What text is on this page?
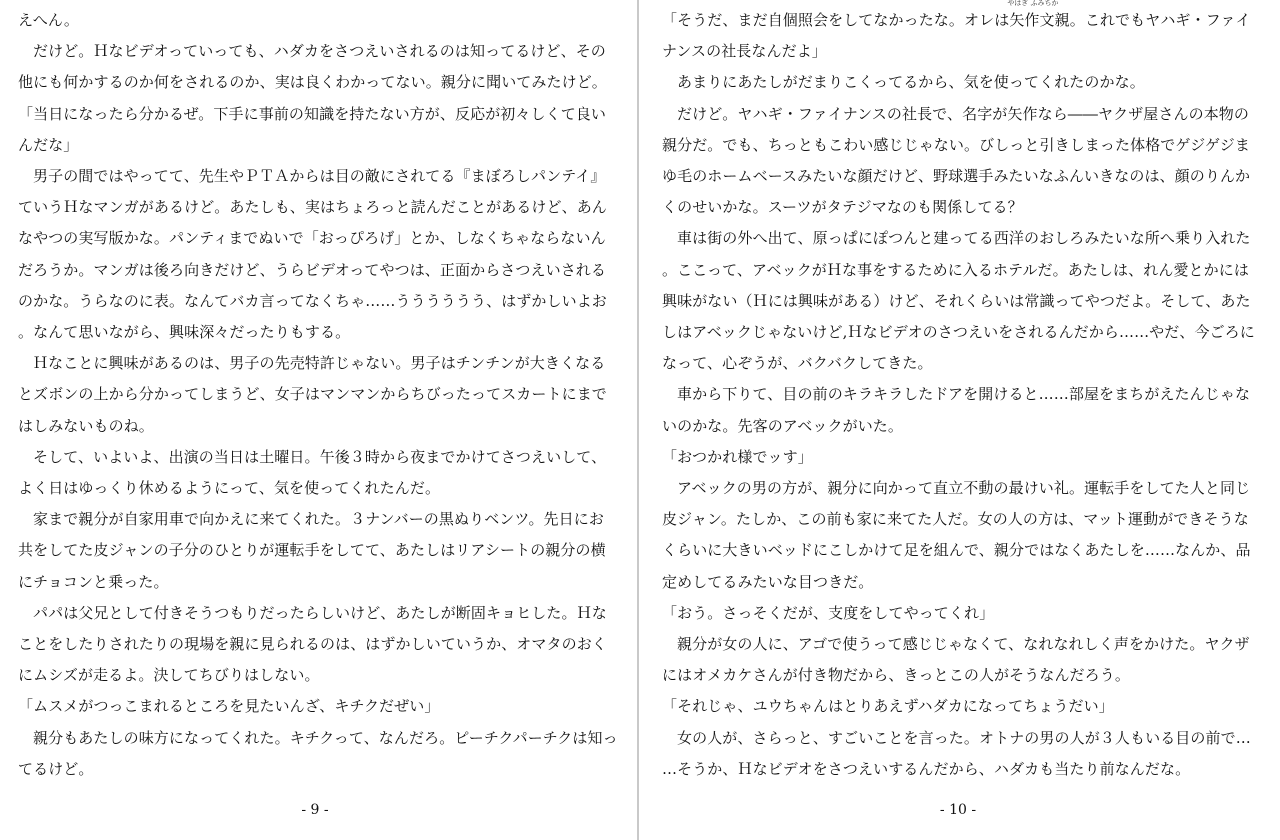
えへん。

だけど。Ｈなビデオっていっても、ハダカをさつえいされるのは知ってるけど、その他にも何かするのか何をされるのか、実は良くわかってない。親分に聞いてみたけど。

「当日になったら分かるぜ。下手に事前の知識を持たない方が、反応が初々しくて良いんだな」

男子の間ではやってて、先生やＰＴＡからは目の敵にされてる『まぼろしパンテイ』ていうＨなマンガがあるけど。あたしも、実はちょろっと読んだことがあるけど、あんなやつの実写版かな。パンティまでぬいで「おっぴろげ」とか、しなくちゃならないんだろうか。マンガは後ろ向きだけど、うらビデオってやつは、正面からさつえいされるのかな。うらなのに表。なんてバカ言ってなくちゃ……うううううう、はずかしいよお。なんて思いながら、興味深々だったりもする。

Ｈなことに興味があるのは、男子の先売特許じゃない。男子はチンチンが大きくなるとズボンの上から分かってしまうど、女子はマンマンからちびったってスカートにまではしみないものね。

そして、いよいよ、出演の当日は土曜日。午後３時から夜までかけてさつえいして、よく日はゆっくり休めるようにって、気を使ってくれたんだ。

家まで親分が自家用車で向かえに来てくれた。３ナンバーの黒ぬりベンツ。先日にお共をしてた皮ジャンの子分のひとりが運転手をしてて、あたしはリアシートの親分の横にチョコンと乗った。

パパは父兄として付きそうつもりだったらしいけど、あたしが断固キョヒした。Ｈなことをしたりされたりの現場を親に見られるのは、はずかしいていうか、オマタのおくにムシズが走るよ。決してちびりはしない。

「ムスメがつっこまれるところを見たいんざ、キチクだぜい」

親分もあたしの味方になってくれた。キチクって、なんだろ。ピーチクパーチクは知ってるけど。

- 9 -

「そうだ、まだ自個照会をしてなかったな。オレは
やはぎ ふみちか
矢作文親。これでもヤハギ・ファイナンスの社長なんだよ」

あまりにあたしがだまりこくってるから、気を使ってくれたのかな。

だけど。ヤハギ・ファイナンスの社長で、名字が矢作なら――ヤクザ屋さんの本物の親分だ。でも、ちっともこわい感じじゃない。びしっと引きしまった体格でゲジゲジまゆ毛のホームベースみたいな顔だけど、野球選手みたいなふんいきなのは、顔のりんかくのせいかな。スーツがタテジマなのも関係してる？

車は街の外へ出て、原っぱにぽつんと建ってる西洋のおしろみたいな所へ乗り入れた。ここって、アベックがＨな事をするために入るホテルだ。あたしは、れん愛とかには興味がない（Ｈには興味がある）けど、それくらいは常識ってやつだよ。そして、あたしはアベックじゃないけど,Ｈなビデオのさつえいをされるんだから……やだ、今ごろになって、心ぞうが、バクバクしてきた。

車から下りて、目の前のキラキラしたドアを開けると……部屋をまちがえたんじゃないのかな。先客のアベックがいた。

「おつかれ様でッす」

アベックの男の方が、親分に向かって直立不動の最けい礼。運転手をしてた人と同じ皮ジャン。たしか、この前も家に来てた人だ。女の人の方は、マット運動ができそうなくらいに大きいベッドにこしかけて足を組んで、親分ではなくあたしを……なんか、品定めしてるみたいな目つきだ。

「おう。さっそくだが、支度をしてやってくれ」

親分が女の人に、アゴで使うって感じじゃなくて、なれなれしく声をかけた。ヤクザにはオメカケさんが付き物だから、きっとこの人がそうなんだろう。

「それじゃ、ユウちゃんはとりあえずハダカになってちょうだい」

女の人が、さらっと、すごいことを言った。オトナの男の人が３人もいる目の前で……そうか、Ｈなビデオをさつえいするんだから、ハダカも当たり前なんだな。

- 10 -
